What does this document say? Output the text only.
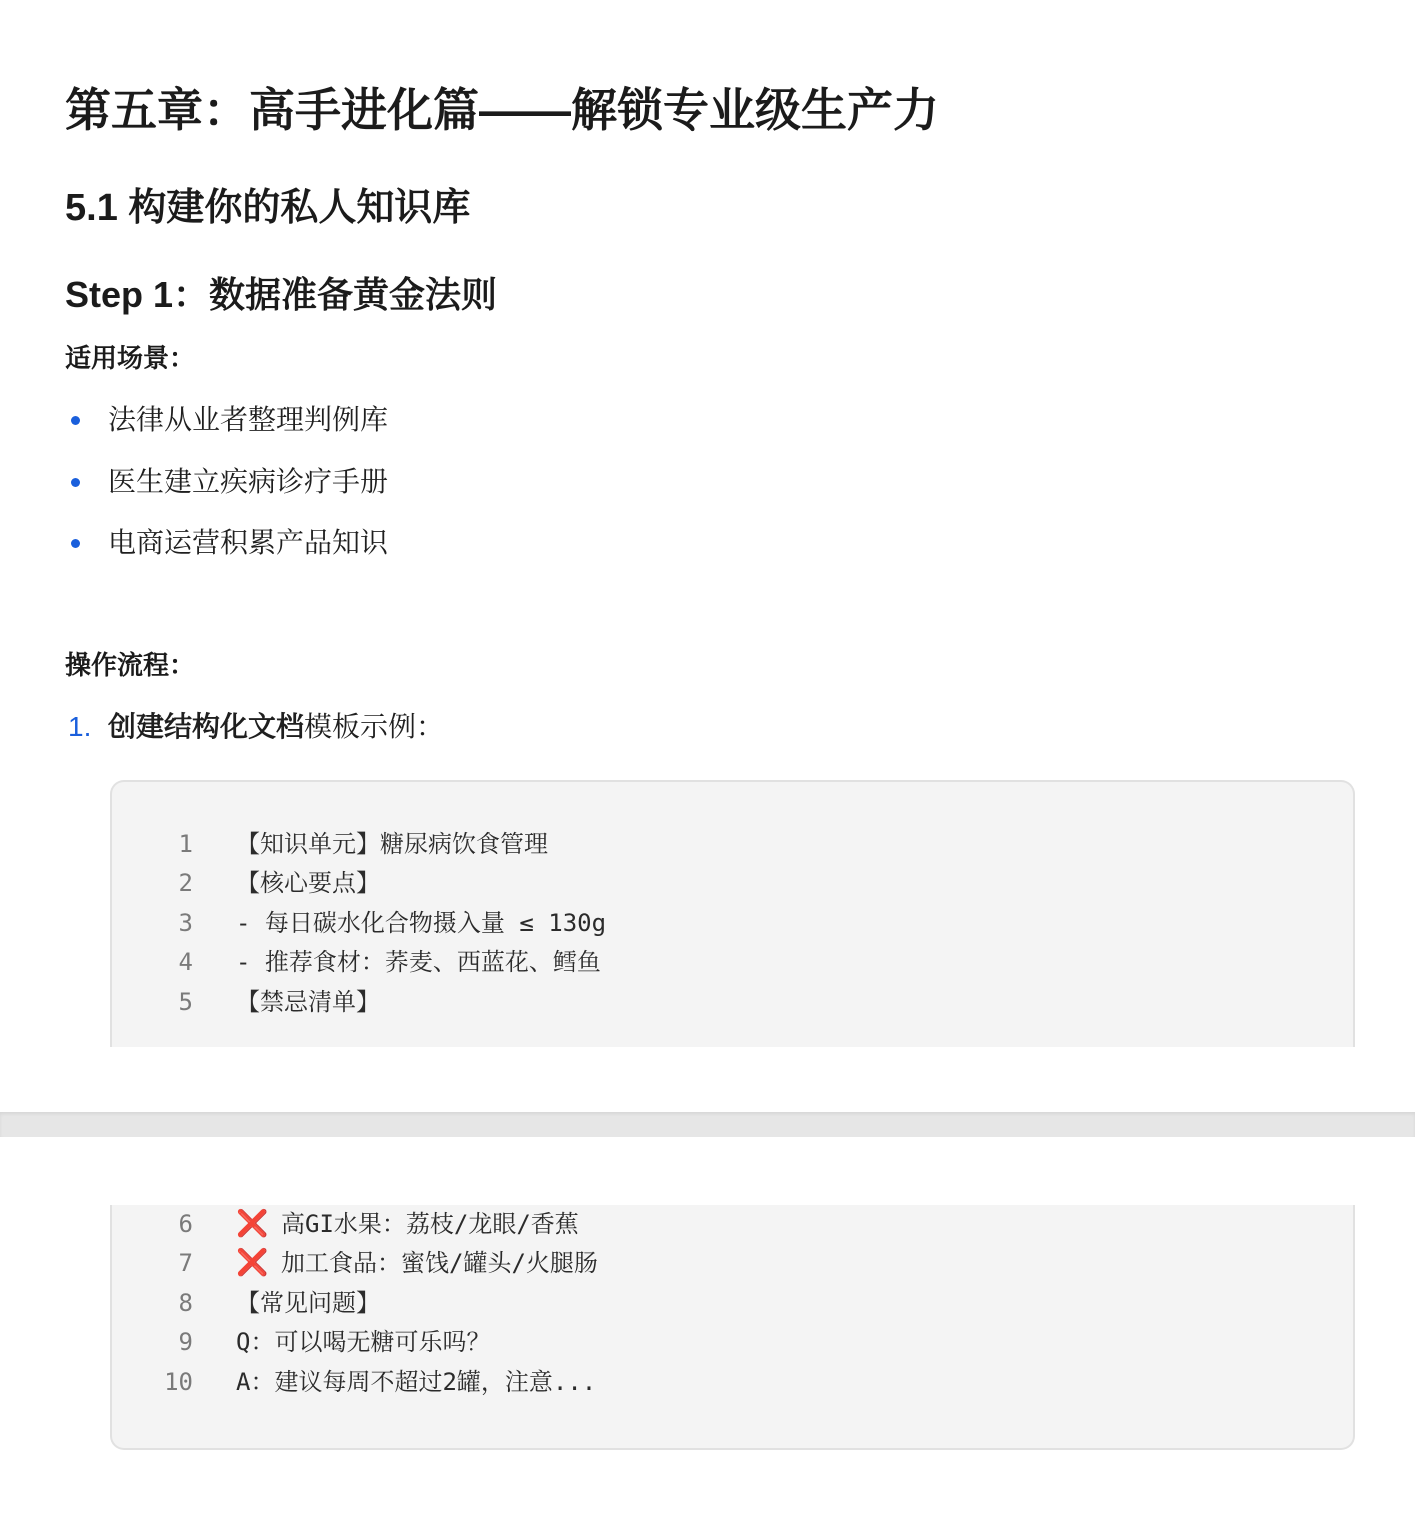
第五章：高手进化篇——解锁专业级生产力
5.1 构建你的私人知识库
Step 1：数据准备黄金法则

适用场景：

法律从业者整理判例库
医生建立疾病诊疗手册
电商运营积累产品知识

操作流程：

1. 创建结构化文档模板示例：
1 【知识单元】糖尿病饮食管理
2 【核心要点】
3 - 每日碳水化合物摄入量 ≤ 130g
4 - 推荐食材：荞麦、西蓝花、鳕鱼
5 【禁忌清单】
6 ❌ 高GI水果：荔枝/龙眼/香蕉
7 ❌ 加工食品：蜜饯/罐头/火腿肠
8 【常见问题】
9 Q：可以喝无糖可乐吗？
10 A：建议每周不超过2罐，注意...
